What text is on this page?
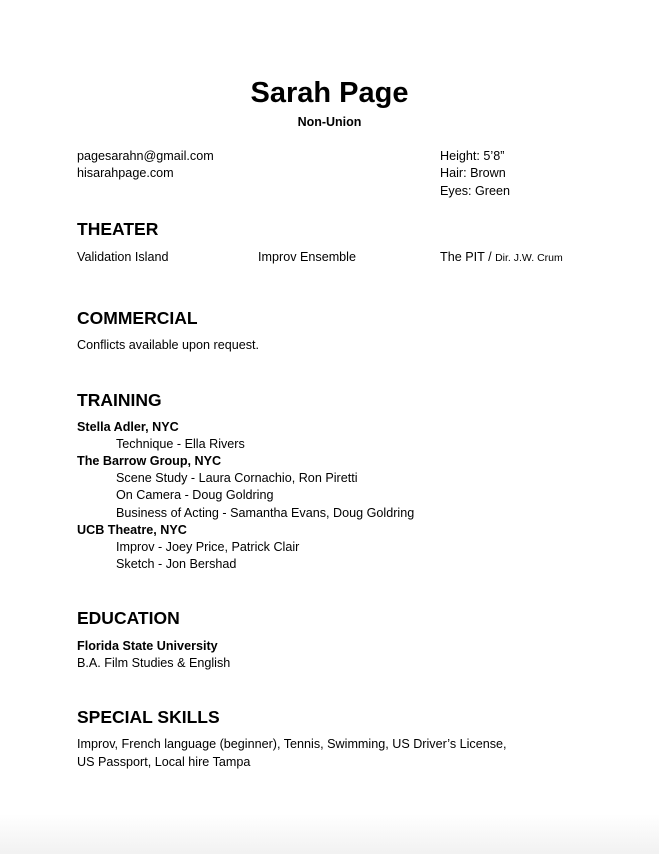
Sarah Page
Non-Union
pagesarahn@gmail.com
hisarahpage.com
Height: 5’8”
Hair: Brown
Eyes: Green
THEATER
Validation Island	Improv Ensemble	The PIT / Dir. J.W. Crum
COMMERCIAL
Conflicts available upon request.
TRAINING
Stella Adler, NYC
Technique - Ella Rivers
The Barrow Group, NYC
Scene Study - Laura Cornachio, Ron Piretti
On Camera - Doug Goldring
Business of Acting - Samantha Evans, Doug Goldring
UCB Theatre, NYC
Improv - Joey Price, Patrick Clair
Sketch - Jon Bershad
EDUCATION
Florida State University
B.A. Film Studies & English
SPECIAL SKILLS
Improv, French language (beginner), Tennis, Swimming, US Driver’s License,
US Passport, Local hire Tampa
